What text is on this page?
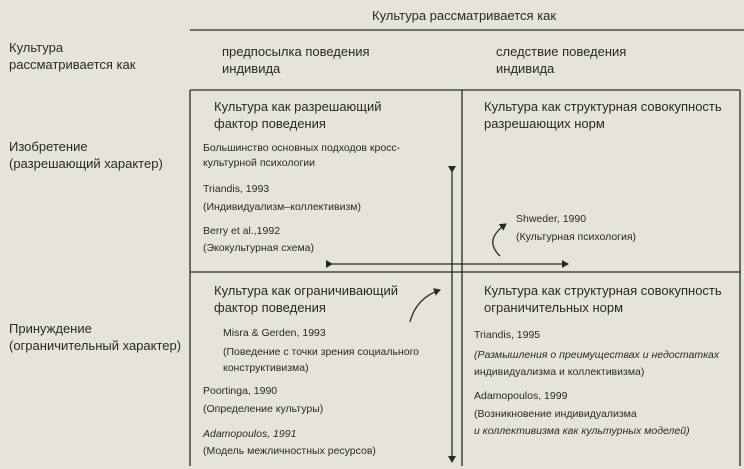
Культура рассматривается как
Культура
рассматривается как
предпосылка поведения
индивида
следствие поведения
индивида
Изобретение
(разрешающий характер)
Принуждение
(ограничительный характер)
Культура как разрешающий
фактор поведения
Большинство основных подходов кросс-
культурной психологии
Triandis, 1993
(Индивидуализм–коллективизм)
Berry et al.,1992
(Экокультурная схема)
Культура как структурная совокупность
разрешающих норм
Shweder, 1990
(Культурная психология)
Культура как ограничивающий
фактор поведения
Misra & Gerden, 1993
(Поведение с точки зрения социального
конструктивизма)
Poortinga, 1990
(Определение культуры)
Adamopoulos, 1991
(Модель межличностных ресурсов)
Культура как структурная совокупность
ограничительных норм
Triandis, 1995
(Размышления о преимуществах и недостатках
индивидуализма и коллективизма)
Adamopoulos, 1999
(Возникновение индивидуализма
и коллективизма как культурных моделей)
